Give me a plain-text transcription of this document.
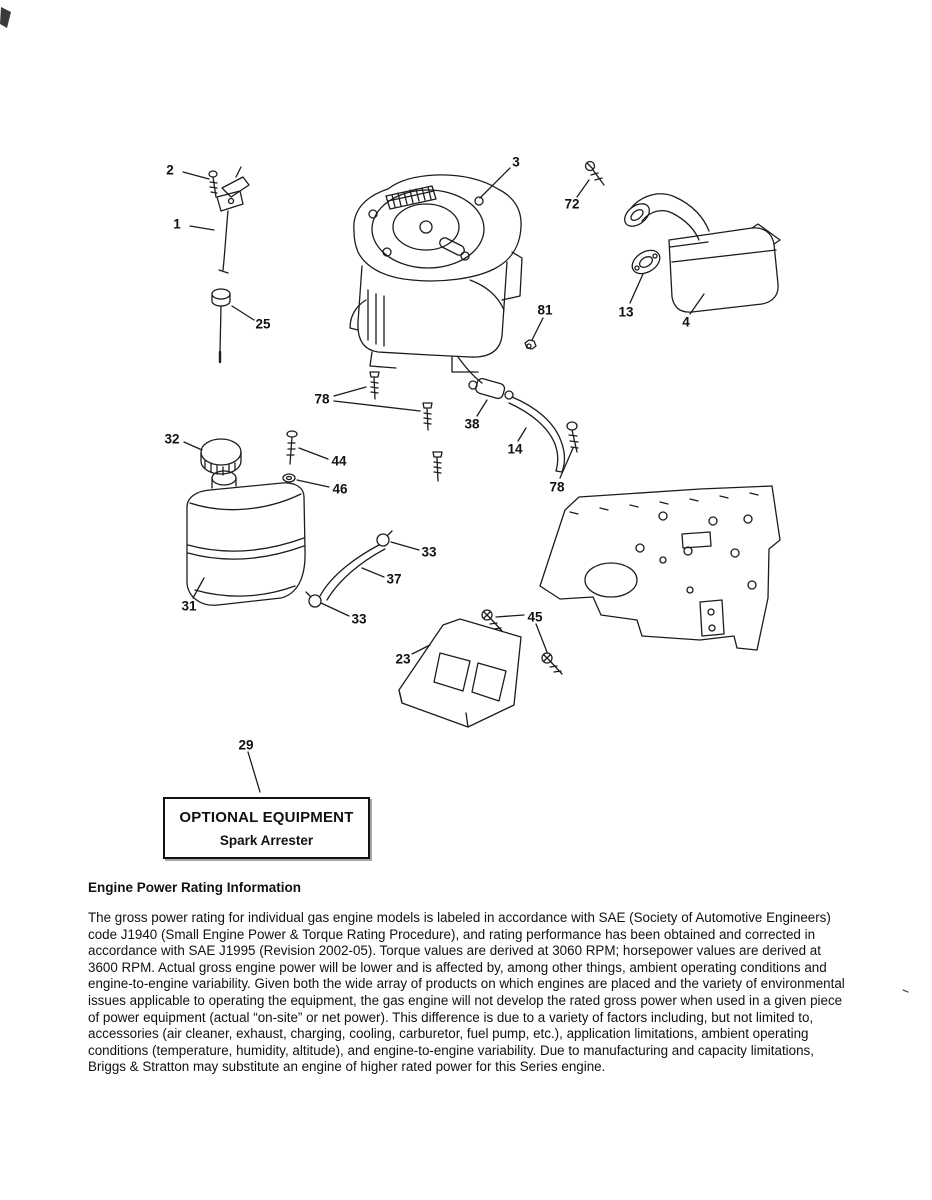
2
1
25
3
72
13
4
81
78
38
14
78
32
44
46
31
33
37
33
23
45
29
OPTIONAL EQUIPMENT
Spark Arrester
Engine Power Rating Information

The gross power rating for individual gas engine models is labeled in accordance with SAE (Society of Automotive Engineers) code J1940 (Small Engine Power & Torque Rating Procedure), and rating performance has been obtained and corrected in accordance with SAE J1995 (Revision 2002-05). Torque values are derived at 3060 RPM; horsepower values are derived at 3600 RPM. Actual gross engine power will be lower and is affected by, among other things, ambient operating conditions and engine-to-engine variability. Given both the wide array of products on which engines are placed and the variety of environmental issues applicable to operating the equipment, the gas engine will not develop the rated gross power when used in a given piece of power equipment (actual “on-site” or net power). This difference is due to a variety of factors including, but not limited to, accessories (air cleaner, exhaust, charging, cooling, carburetor, fuel pump, etc.), application limitations, ambient operating conditions (temperature, humidity, altitude), and engine-to-engine variability. Due to manufacturing and capacity limitations, Briggs & Stratton may substitute an engine of higher rated power for this Series engine.
